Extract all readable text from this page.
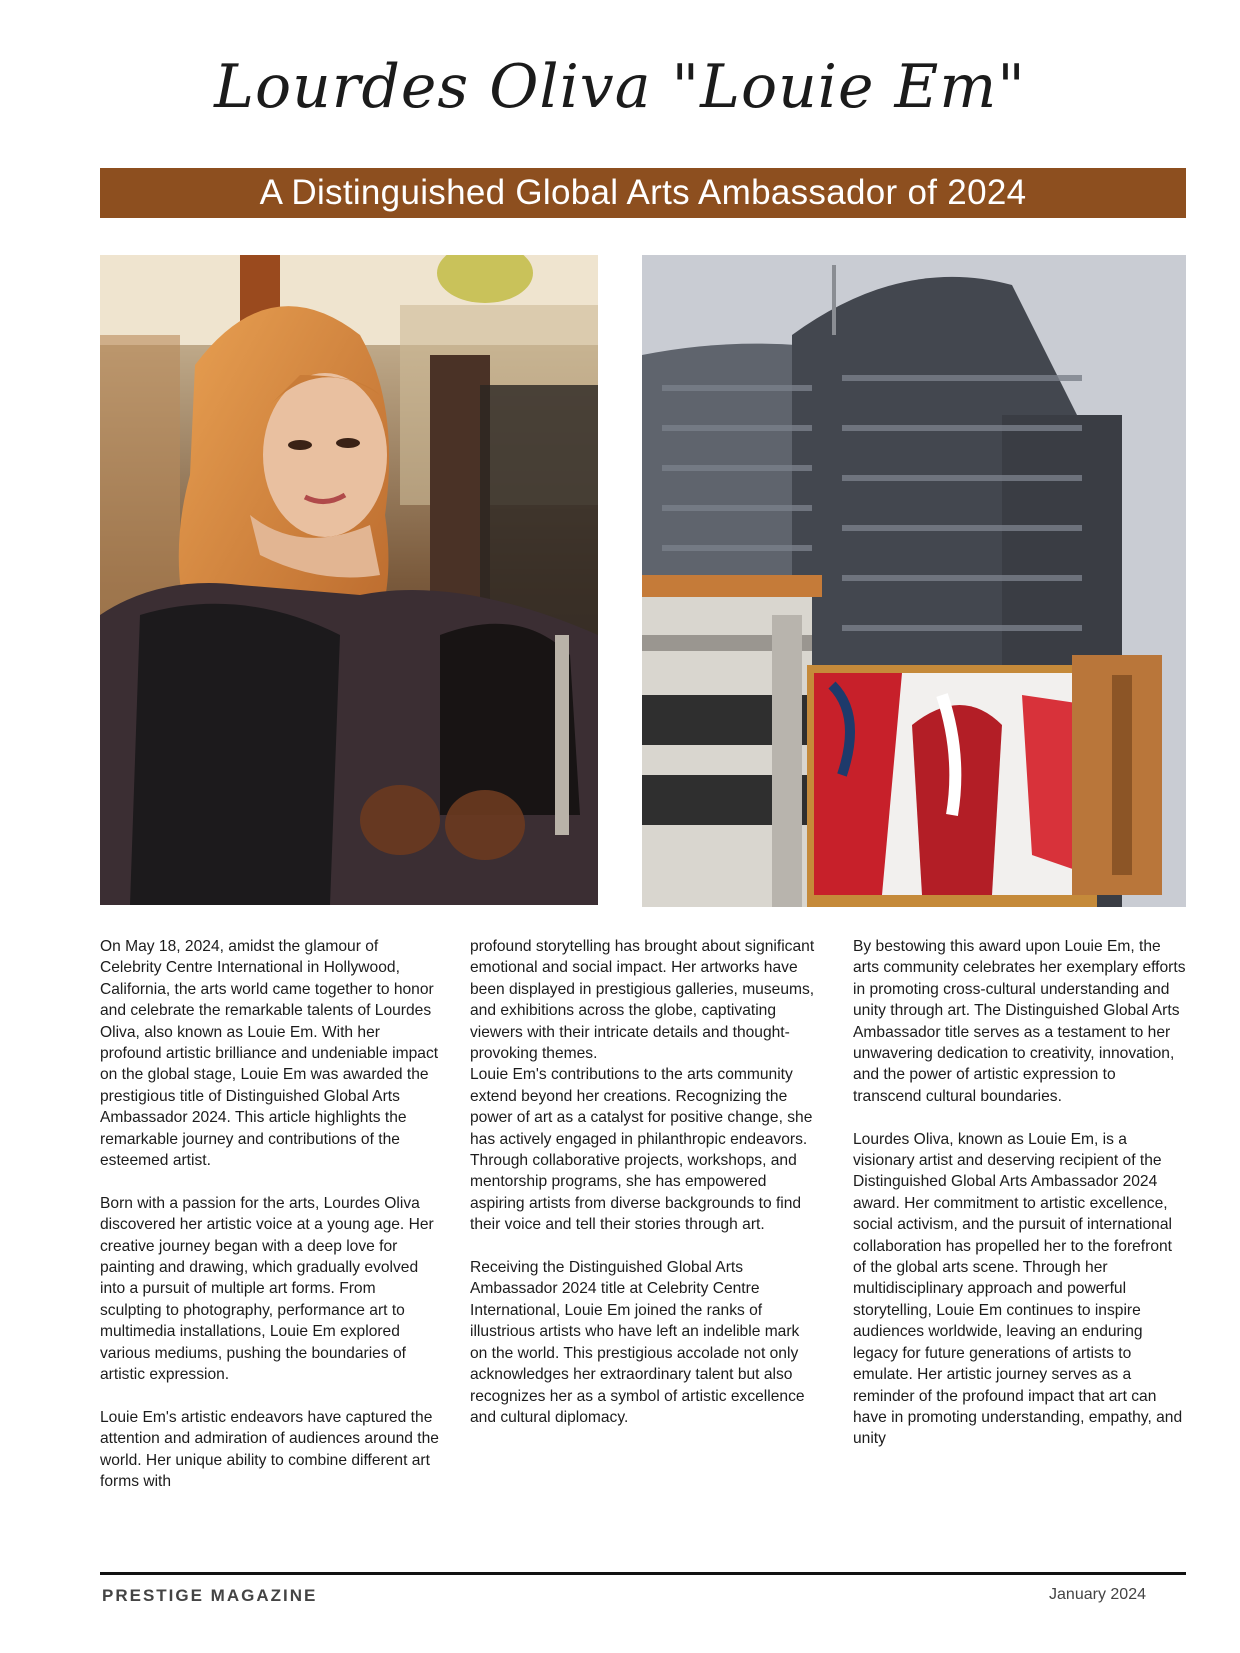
Lourdes Oliva "Louie Em"
A Distinguished Global Arts Ambassador of 2024

On May 18, 2024, amidst the glamour of Celebrity Centre International in Hollywood, California, the arts world came together to honor and celebrate the remarkable talents of Lourdes Oliva, also known as Louie Em. With her profound artistic brilliance and undeniable impact on the global stage, Louie Em was awarded the prestigious title of Distinguished Global Arts Ambassador 2024. This article highlights the remarkable journey and contributions of the esteemed artist.

Born with a passion for the arts, Lourdes Oliva discovered her artistic voice at a young age. Her creative journey began with a deep love for painting and drawing, which gradually evolved into a pursuit of multiple art forms. From sculpting to photography, performance art to multimedia installations, Louie Em explored various mediums, pushing the boundaries of artistic expression.

Louie Em's artistic endeavors have captured the attention and admiration of audiences around the world. Her unique ability to combine different art forms with

profound storytelling has brought about significant emotional and social impact. Her artworks have been displayed in prestigious galleries, museums, and exhibitions across the globe, captivating viewers with their intricate details and thought-provoking themes.

Louie Em's contributions to the arts community extend beyond her creations. Recognizing the power of art as a catalyst for positive change, she has actively engaged in philanthropic endeavors. Through collaborative projects, workshops, and mentorship programs, she has empowered aspiring artists from diverse backgrounds to find their voice and tell their stories through art.

Receiving the Distinguished Global Arts Ambassador 2024 title at Celebrity Centre International, Louie Em joined the ranks of illustrious artists who have left an indelible mark on the world. This prestigious accolade not only acknowledges her extraordinary talent but also recognizes her as a symbol of artistic excellence and cultural diplomacy.

By bestowing this award upon Louie Em, the arts community celebrates her exemplary efforts in promoting cross-cultural understanding and unity through art. The Distinguished Global Arts Ambassador title serves as a testament to her unwavering dedication to creativity, innovation, and the power of artistic expression to transcend cultural boundaries.

Lourdes Oliva, known as Louie Em, is a visionary artist and deserving recipient of the Distinguished Global Arts Ambassador 2024 award. Her commitment to artistic excellence, social activism, and the pursuit of international collaboration has propelled her to the forefront of the global arts scene. Through her multidisciplinary approach and powerful storytelling, Louie Em continues to inspire audiences worldwide, leaving an enduring legacy for future generations of artists to emulate. Her artistic journey serves as a reminder of the profound impact that art can have in promoting understanding, empathy, and unity

PRESTIGE MAGAZINE	January 2024
